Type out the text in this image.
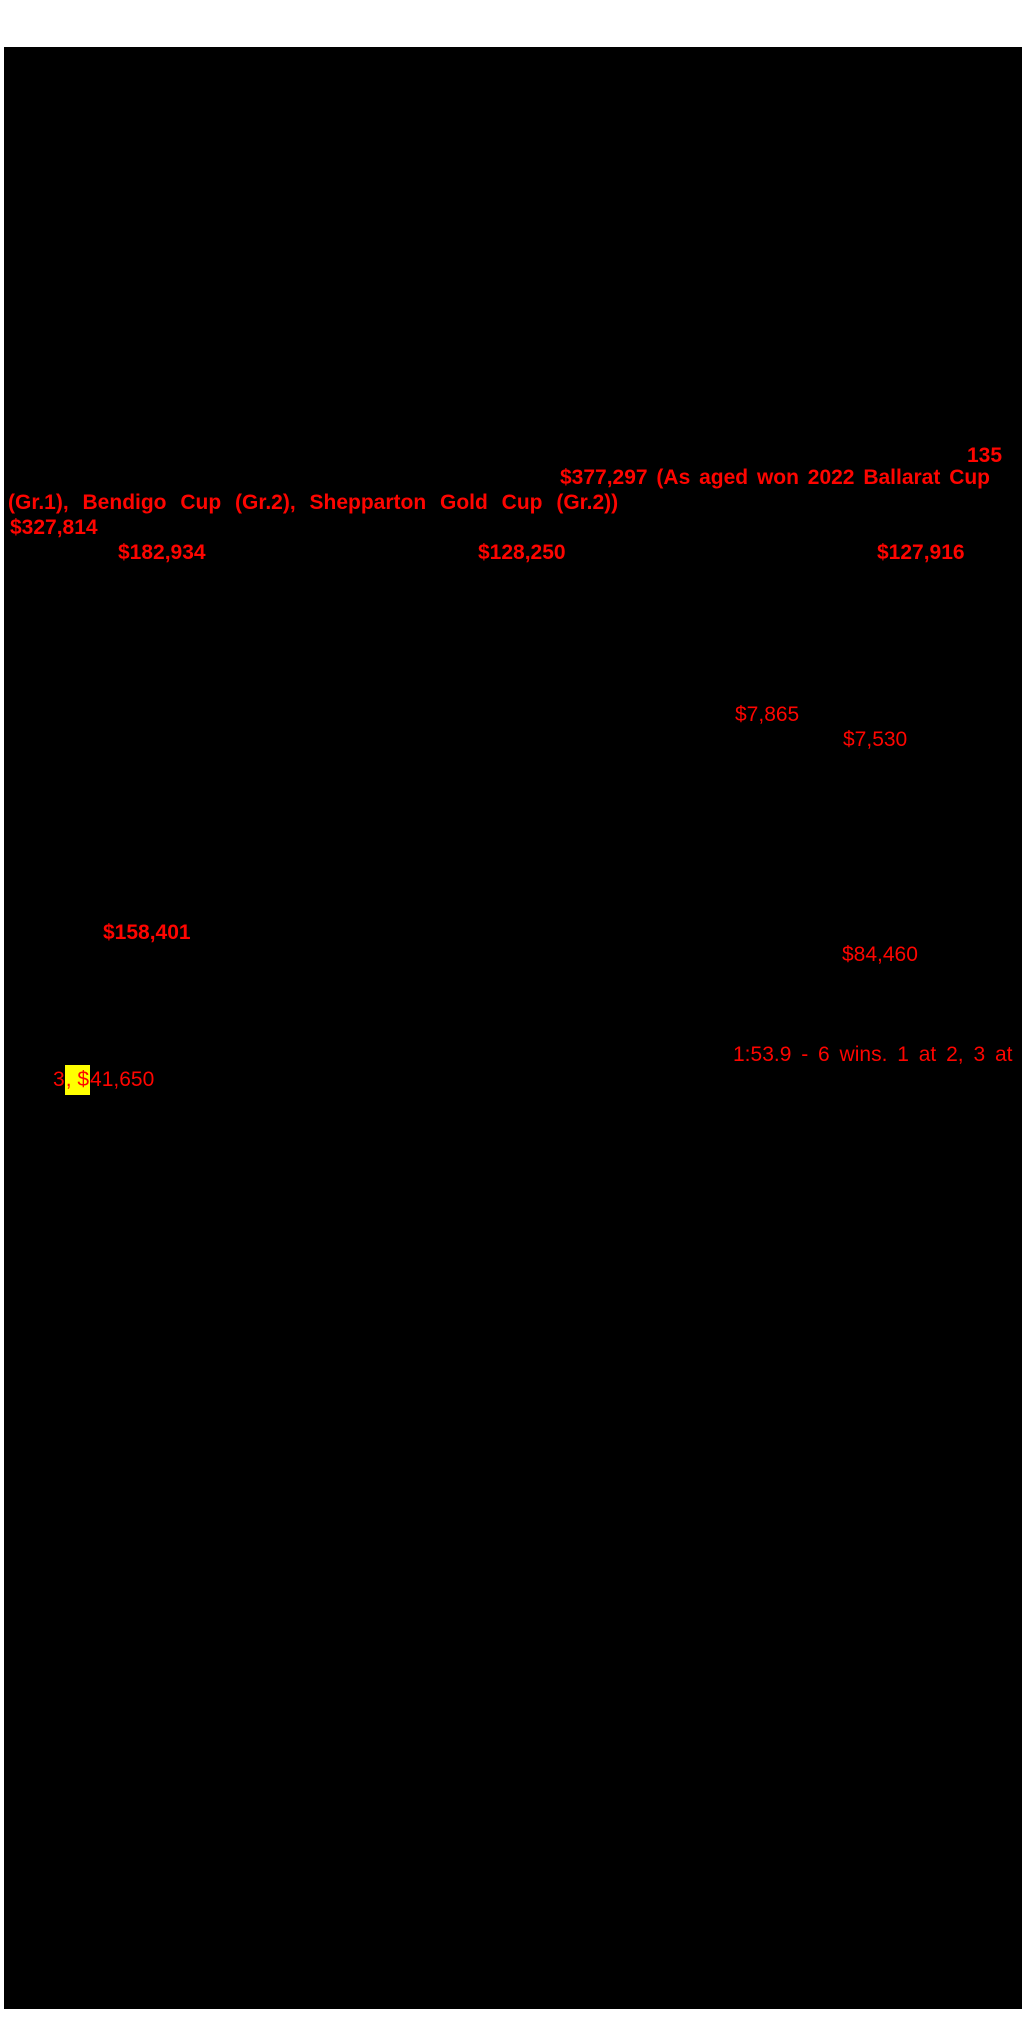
135
$377,297 (As aged won 2022 Ballarat Cup
(Gr.1), Bendigo Cup (Gr.2), Shepparton Gold Cup (Gr.2))
$327,814
$182,934	$128,250	$127,916
$7,865
$7,530
$158,401
$84,460
1:53.9 - 6 wins. 1 at 2, 3 at
3, $41,650
